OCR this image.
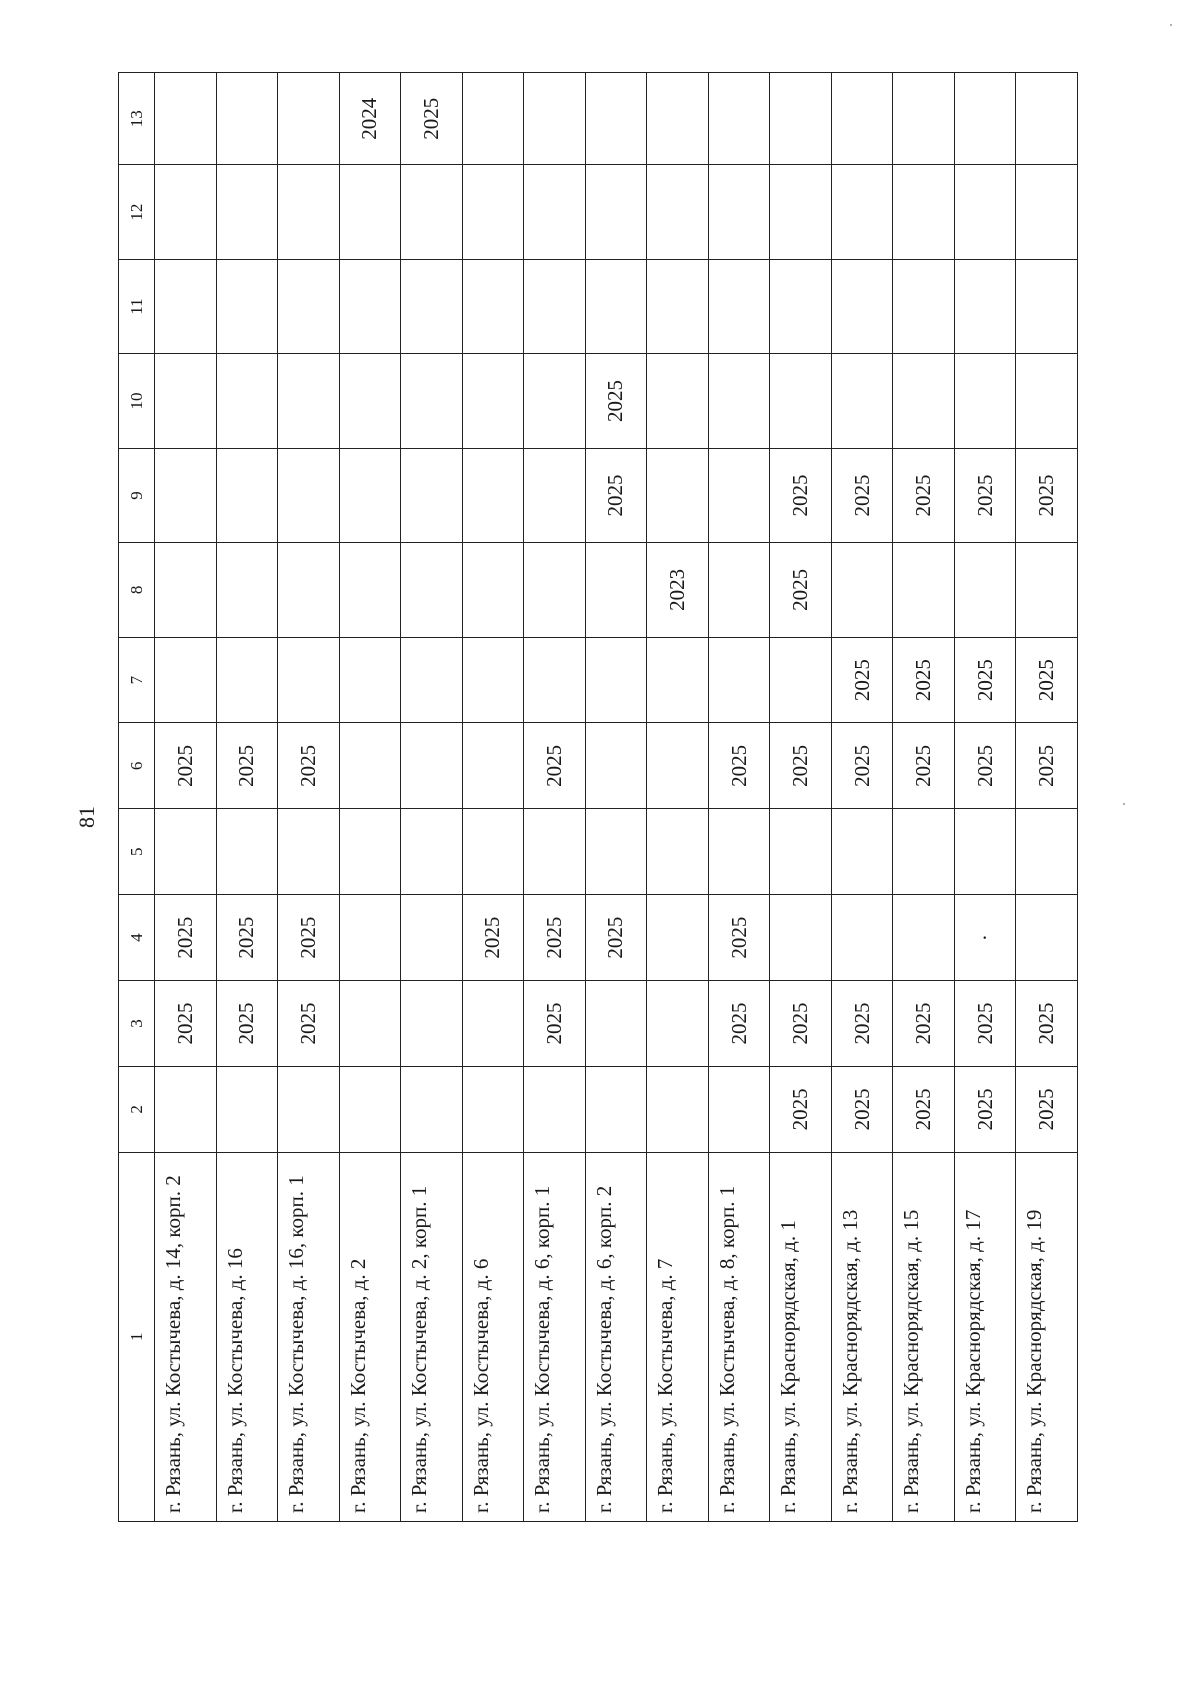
81
1	2	3	4	5	6	7	8	9	10	11	12	13
г. Рязань, ул. Костычева, д. 14, корп. 2		2025	2025		2025							
г. Рязань, ул. Костычева, д. 16		2025	2025		2025							
г. Рязань, ул. Костычева, д. 16, корп. 1		2025	2025		2025							
г. Рязань, ул. Костычева, д. 2												2024
г. Рязань, ул. Костычева, д. 2, корп. 1												2025
г. Рязань, ул. Костычева, д. 6			2025									
г. Рязань, ул. Костычева, д. 6, корп. 1		2025	2025		2025							
г. Рязань, ул. Костычева, д. 6, корп. 2			2025					2025	2025			
г. Рязань, ул. Костычева, д. 7							2023					
г. Рязань, ул. Костычева, д. 8, корп. 1		2025	2025		2025							
г. Рязань, ул. Краснорядская, д. 1	2025	2025			2025		2025	2025				
г. Рязань, ул. Краснорядская, д. 13	2025	2025			2025	2025		2025				
г. Рязань, ул. Краснорядская, д. 15	2025	2025			2025	2025		2025				
г. Рязань, ул. Краснорядская, д. 17	2025	2025	·		2025	2025		2025				
г. Рязань, ул. Краснорядская, д. 19	2025	2025			2025	2025		2025				
